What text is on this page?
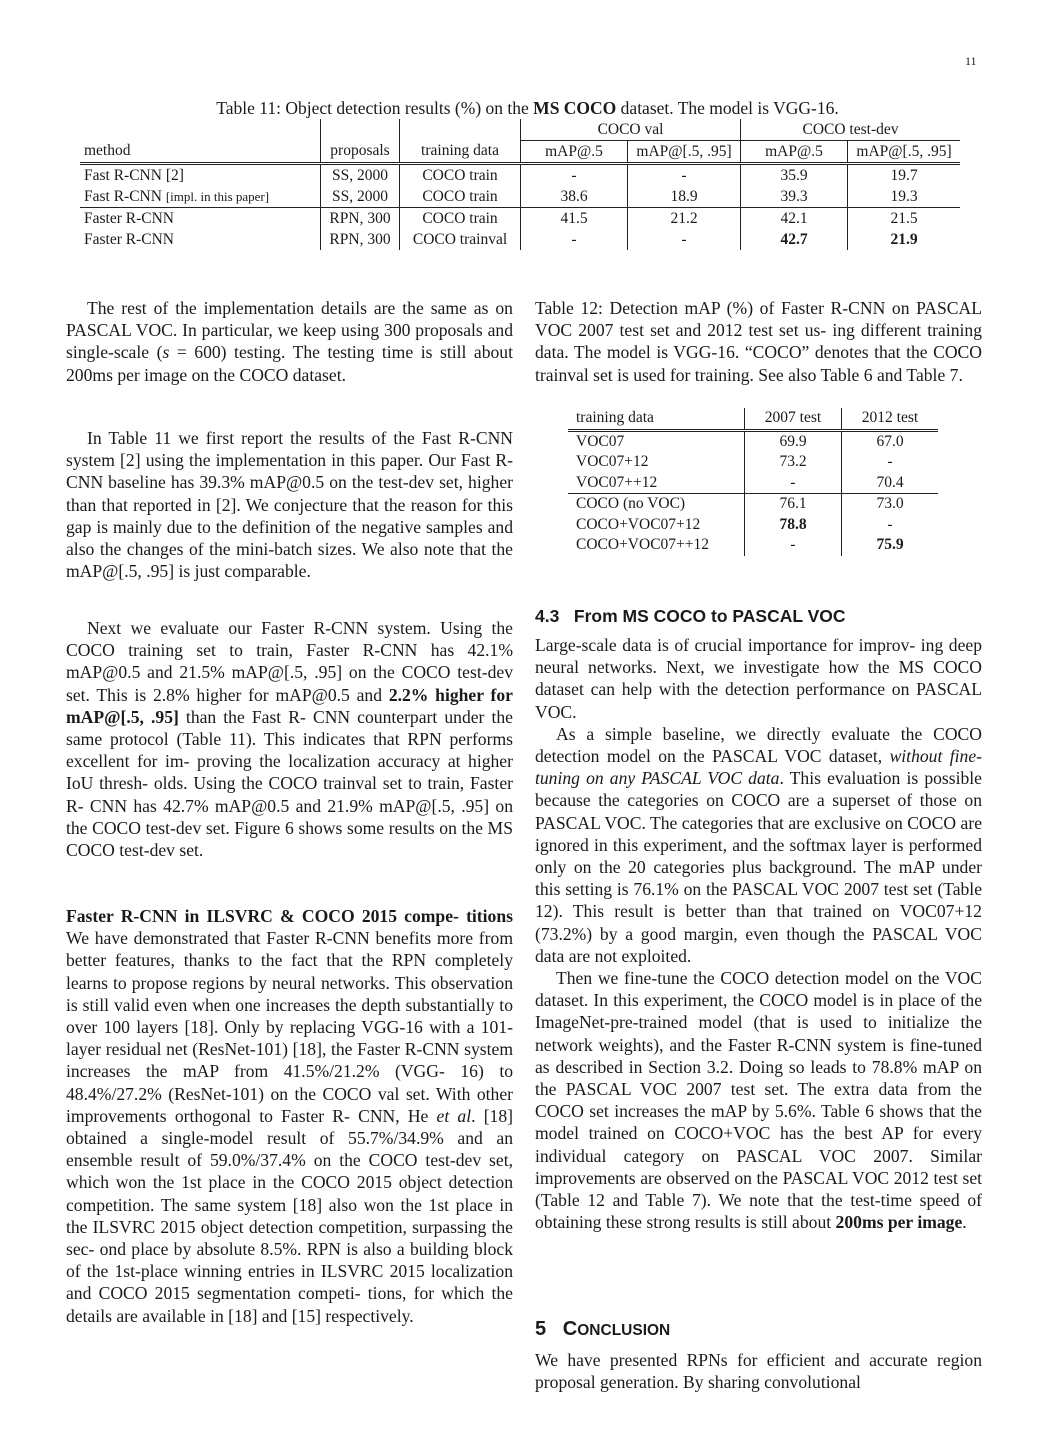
11
Table 11: Object detection results (%) on the MS COCO dataset. The model is VGG-16.
			COCO val		COCO test-dev	
method	proposals	training data	mAP@.5	mAP@[.5, .95]	mAP@.5	mAP@[.5, .95]
Fast R-CNN [2]	SS, 2000	COCO train	-	-	35.9	19.7
Fast R-CNN [impl. in this paper]	SS, 2000	COCO train	38.6	18.9	39.3	19.3
Faster R-CNN	RPN, 300	COCO train	41.5	21.2	42.1	21.5
Faster R-CNN	RPN, 300	COCO trainval	-	-	42.7	21.9

The rest of the implementation details are the same as on PASCAL VOC. In particular, we keep using 300 proposals and single-scale (s = 600) testing. The testing time is still about 200ms per image on the COCO dataset.

In Table 11 we first report the results of the Fast R-CNN system [2] using the implementation in this paper. Our Fast R-CNN baseline has 39.3% mAP@0.5 on the test-dev set, higher than that reported in [2]. We conjecture that the reason for this gap is mainly due to the definition of the negative samples and also the changes of the mini-batch sizes. We also note that the mAP@[.5, .95] is just comparable.

Next we evaluate our Faster R-CNN system. Using the COCO training set to train, Faster R-CNN has 42.1% mAP@0.5 and 21.5% mAP@[.5, .95] on the COCO test-dev set. This is 2.8% higher for mAP@0.5 and 2.2% higher for mAP@[.5, .95] than the Fast R- CNN counterpart under the same protocol (Table 11). This indicates that RPN performs excellent for im- proving the localization accuracy at higher IoU thresh- olds. Using the COCO trainval set to train, Faster R- CNN has 42.7% mAP@0.5 and 21.9% mAP@[.5, .95] on the COCO test-dev set. Figure 6 shows some results on the MS COCO test-dev set.

Faster R-CNN in ILSVRC & COCO 2015 compe- titions We have demonstrated that Faster R-CNN benefits more from better features, thanks to the fact that the RPN completely learns to propose regions by neural networks. This observation is still valid even when one increases the depth substantially to over 100 layers [18]. Only by replacing VGG-16 with a 101- layer residual net (ResNet-101) [18], the Faster R-CNN system increases the mAP from 41.5%/21.2% (VGG- 16) to 48.4%/27.2% (ResNet-101) on the COCO val set. With other improvements orthogonal to Faster R- CNN, He et al. [18] obtained a single-model result of 55.7%/34.9% and an ensemble result of 59.0%/37.4% on the COCO test-dev set, which won the 1st place in the COCO 2015 object detection competition. The same system [18] also won the 1st place in the ILSVRC 2015 object detection competition, surpassing the sec- ond place by absolute 8.5%. RPN is also a building block of the 1st-place winning entries in ILSVRC 2015 localization and COCO 2015 segmentation competi- tions, for which the details are available in [18] and [15] respectively.

Table 12: Detection mAP (%) of Faster R-CNN on PASCAL VOC 2007 test set and 2012 test set us- ing different training data. The model is VGG-16. “COCO” denotes that the COCO trainval set is used for training. See also Table 6 and Table 7.

training data	2007 test	2012 test
VOC07	69.9	67.0
VOC07+12	73.2	-
VOC07++12	-	70.4
COCO (no VOC)	76.1	73.0
COCO+VOC07+12	78.8	-
COCO+VOC07++12	-	75.9
4.3 From MS COCO to PASCAL VOC

Large-scale data is of crucial importance for improv- ing deep neural networks. Next, we investigate how the MS COCO dataset can help with the detection performance on PASCAL VOC.

As a simple baseline, we directly evaluate the COCO detection model on the PASCAL VOC dataset, without fine-tuning on any PASCAL VOC data. This evaluation is possible because the categories on COCO are a superset of those on PASCAL VOC. The categories that are exclusive on COCO are ignored in this experiment, and the softmax layer is performed only on the 20 categories plus background. The mAP under this setting is 76.1% on the PASCAL VOC 2007 test set (Table 12). This result is better than that trained on VOC07+12 (73.2%) by a good margin, even though the PASCAL VOC data are not exploited.

Then we fine-tune the COCO detection model on the VOC dataset. In this experiment, the COCO model is in place of the ImageNet-pre-trained model (that is used to initialize the network weights), and the Faster R-CNN system is fine-tuned as described in Section 3.2. Doing so leads to 78.8% mAP on the PASCAL VOC 2007 test set. The extra data from the COCO set increases the mAP by 5.6%. Table 6 shows that the model trained on COCO+VOC has the best AP for every individual category on PASCAL VOC 2007. Similar improvements are observed on the PASCAL VOC 2012 test set (Table 12 and Table 7). We note that the test-time speed of obtaining these strong results is still about 200ms per image.

5 CONCLUSION

We have presented RPNs for efficient and accurate region proposal generation. By sharing convolutional
